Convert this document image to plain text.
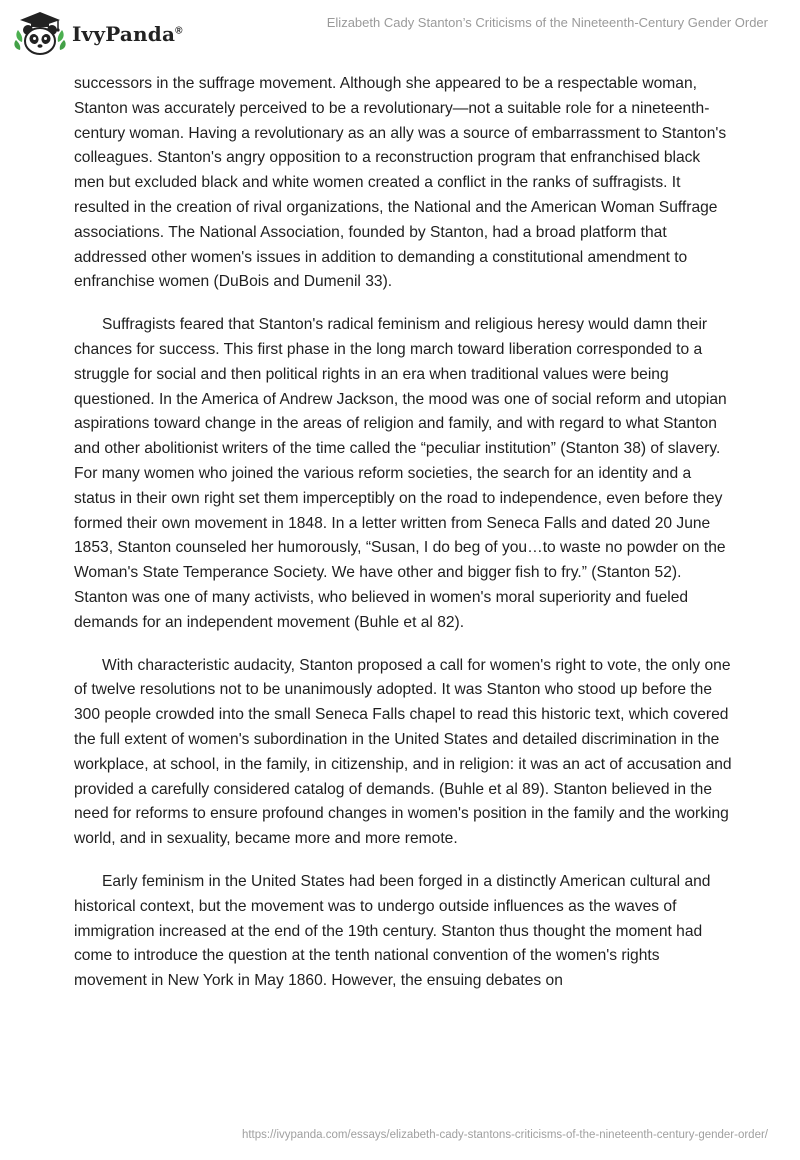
IvyPanda®
Elizabeth Cady Stanton’s Criticisms of the Nineteenth-Century Gender Order

successors in the suffrage movement. Although she appeared to be a respectable woman, Stanton was accurately perceived to be a revolutionary—not a suitable role for a nineteenth-century woman. Having a revolutionary as an ally was a source of embarrassment to Stanton's colleagues. Stanton's angry opposition to a reconstruction program that enfranchised black men but excluded black and white women created a conflict in the ranks of suffragists. It resulted in the creation of rival organizations, the National and the American Woman Suffrage associations. The National Association, founded by Stanton, had a broad platform that addressed other women's issues in addition to demanding a constitutional amendment to enfranchise women (DuBois and Dumenil 33).

Suffragists feared that Stanton's radical feminism and religious heresy would damn their chances for success. This first phase in the long march toward liberation corresponded to a struggle for social and then political rights in an era when traditional values were being questioned. In the America of Andrew Jackson, the mood was one of social reform and utopian aspirations toward change in the areas of religion and family, and with regard to what Stanton and other abolitionist writers of the time called the “peculiar institution” (Stanton 38) of slavery. For many women who joined the various reform societies, the search for an identity and a status in their own right set them imperceptibly on the road to independence, even before they formed their own movement in 1848. In a letter written from Seneca Falls and dated 20 June 1853, Stanton counseled her humorously, “Susan, I do beg of you…to waste no powder on the Woman's State Temperance Society. We have other and bigger fish to fry.” (Stanton 52). Stanton was one of many activists, who believed in women's moral superiority and fueled demands for an independent movement (Buhle et al 82).

With characteristic audacity, Stanton proposed a call for women's right to vote, the only one of twelve resolutions not to be unanimously adopted. It was Stanton who stood up before the 300 people crowded into the small Seneca Falls chapel to read this historic text, which covered the full extent of women's subordination in the United States and detailed discrimination in the workplace, at school, in the family, in citizenship, and in religion: it was an act of accusation and provided a carefully considered catalog of demands. (Buhle et al 89). Stanton believed in the need for reforms to ensure profound changes in women's position in the family and the working world, and in sexuality, became more and more remote.

Early feminism in the United States had been forged in a distinctly American cultural and historical context, but the movement was to undergo outside influences as the waves of immigration increased at the end of the 19th century. Stanton thus thought the moment had come to introduce the question at the tenth national convention of the women's rights movement in New York in May 1860. However, the ensuing debates on

https://ivypanda.com/essays/elizabeth-cady-stantons-criticisms-of-the-nineteenth-century-gender-order/
